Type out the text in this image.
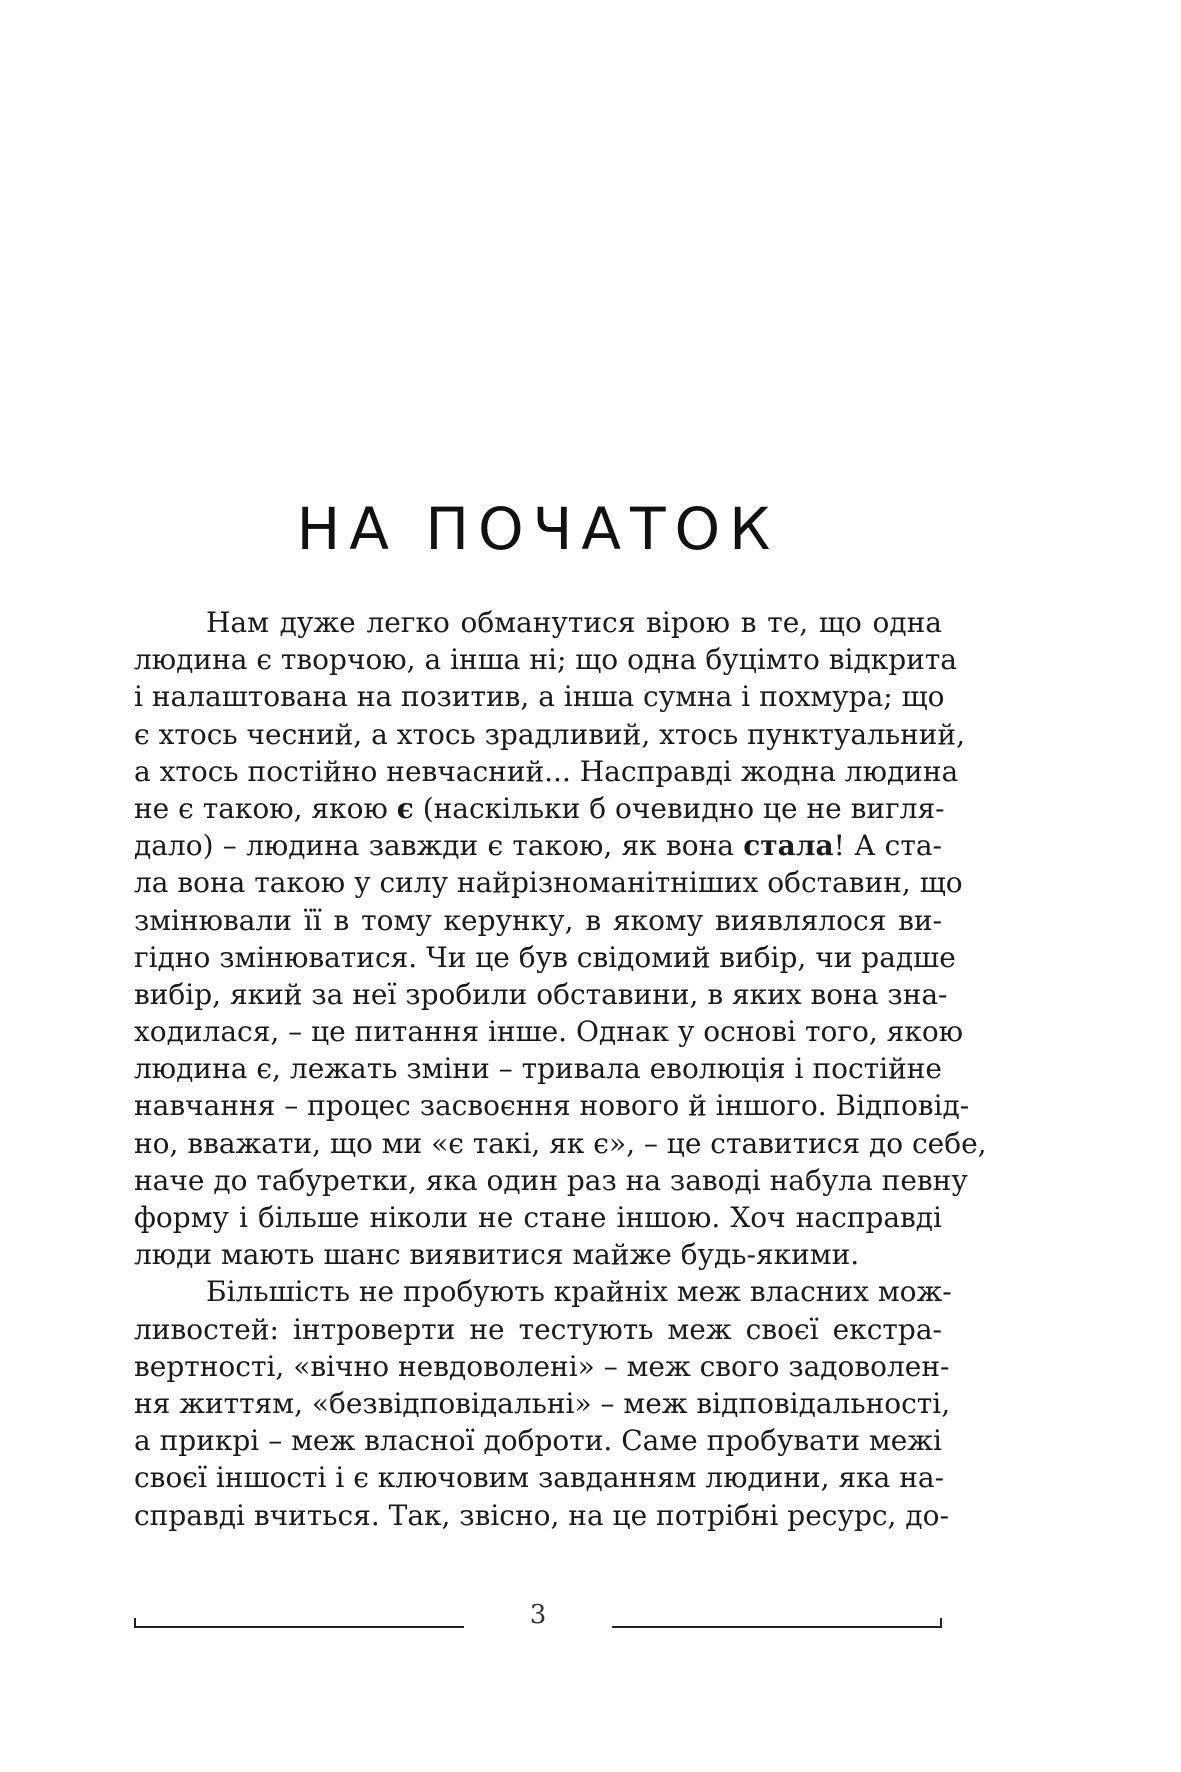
НА ПОЧАТОК
Нам дуже легко обманутися вірою в те, що одна
людина є творчою, а інша ні; що одна буцімто відкрита
і налаштована на позитив, а інша сумна і похмура; що
є хтось чесний, а хтось зрадливий, хтось пунктуальний,
а хтось постійно невчасний... Насправді жодна людина
не є такою, якою є (наскільки б очевидно це не вигля-
дало) – людина завжди є такою, як вона стала! А ста-
ла вона такою у силу найрізноманітніших обставин, що
змінювали її в тому керунку, в якому виявлялося ви-
гідно змінюватися. Чи це був свідомий вибір, чи радше
вибір, який за неї зробили обставини, в яких вона зна-
ходилася, – це питання інше. Однак у основі того, якою
людина є, лежать зміни – тривала еволюція і постійне
навчання – процес засвоєння нового й іншого. Відповід-
но, вважати, що ми «є такі, як є», – це ставитися до себе,
наче до табуретки, яка один раз на заводі набула певну
форму і більше ніколи не стане іншою. Хоч насправді
люди мають шанс виявитися майже будь-якими.
Більшість не пробують крайніх меж власних мож-
ливостей: інтроверти не тестують меж своєї екстра-
вертності, «вічно невдоволені» – меж свого задоволен-
ня життям, «безвідповідальні» – меж відповідальності,
а прикрі – меж власної доброти. Саме пробувати межі
своєї іншості і є ключовим завданням людини, яка на-
справді вчиться. Так, звісно, на це потрібні ресурс, до-
3
